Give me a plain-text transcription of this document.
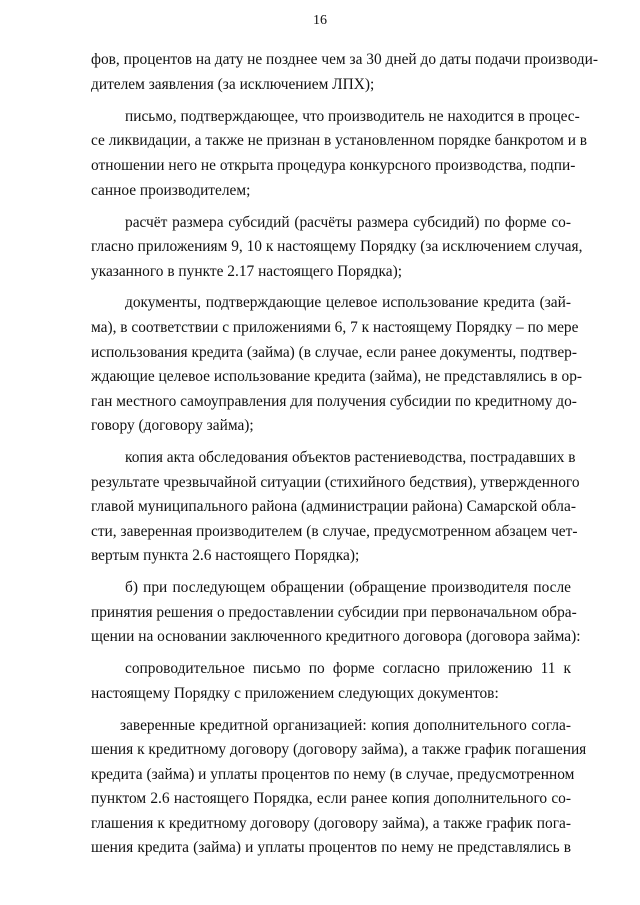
16
фов, процентов на дату не позднее чем за 30 дней до даты подачи производи-
дителем заявления (за исключением ЛПХ);
письмо, подтверждающее, что производитель не находится в процес-
се ликвидации, а также не признан в установленном порядке банкротом и в
отношении него не открыта процедура конкурсного производства, подпи-
санное производителем;
расчёт размера субсидий (расчёты размера субсидий) по форме со-
гласно приложениям 9, 10 к настоящему Порядку (за исключением случая,
указанного в пункте 2.17 настоящего Порядка);
документы, подтверждающие целевое использование кредита (зай-
ма), в соответствии с приложениями 6, 7 к настоящему Порядку – по мере
использования кредита (займа) (в случае, если ранее документы, подтвер-
ждающие целевое использование кредита (займа), не представлялись в ор-
ган местного самоуправления для получения субсидии по кредитному до-
говору (договору займа);
копия акта обследования объектов растениеводства, пострадавших в
результате чрезвычайной ситуации (стихийного бедствия), утвержденного
главой муниципального района (администрации района) Самарской обла-
сти, заверенная производителем (в случае, предусмотренном абзацем чет-
вертым пункта 2.6 настоящего Порядка);
б) при последующем обращении (обращение производителя после
принятия решения о предоставлении субсидии при первоначальном обра-
щении на основании заключенного кредитного договора (договора займа):
сопроводительное письмо по форме согласно приложению 11 к
настоящему Порядку с приложением следующих документов:
заверенные кредитной организацией: копия дополнительного согла-
шения к кредитному договору (договору займа), а также график погашения
кредита (займа) и уплаты процентов по нему (в случае, предусмотренном
пунктом 2.6 настоящего Порядка, если ранее копия дополнительного со-
глашения к кредитному договору (договору займа), а также график пога-
шения кредита (займа) и уплаты процентов по нему не представлялись в
